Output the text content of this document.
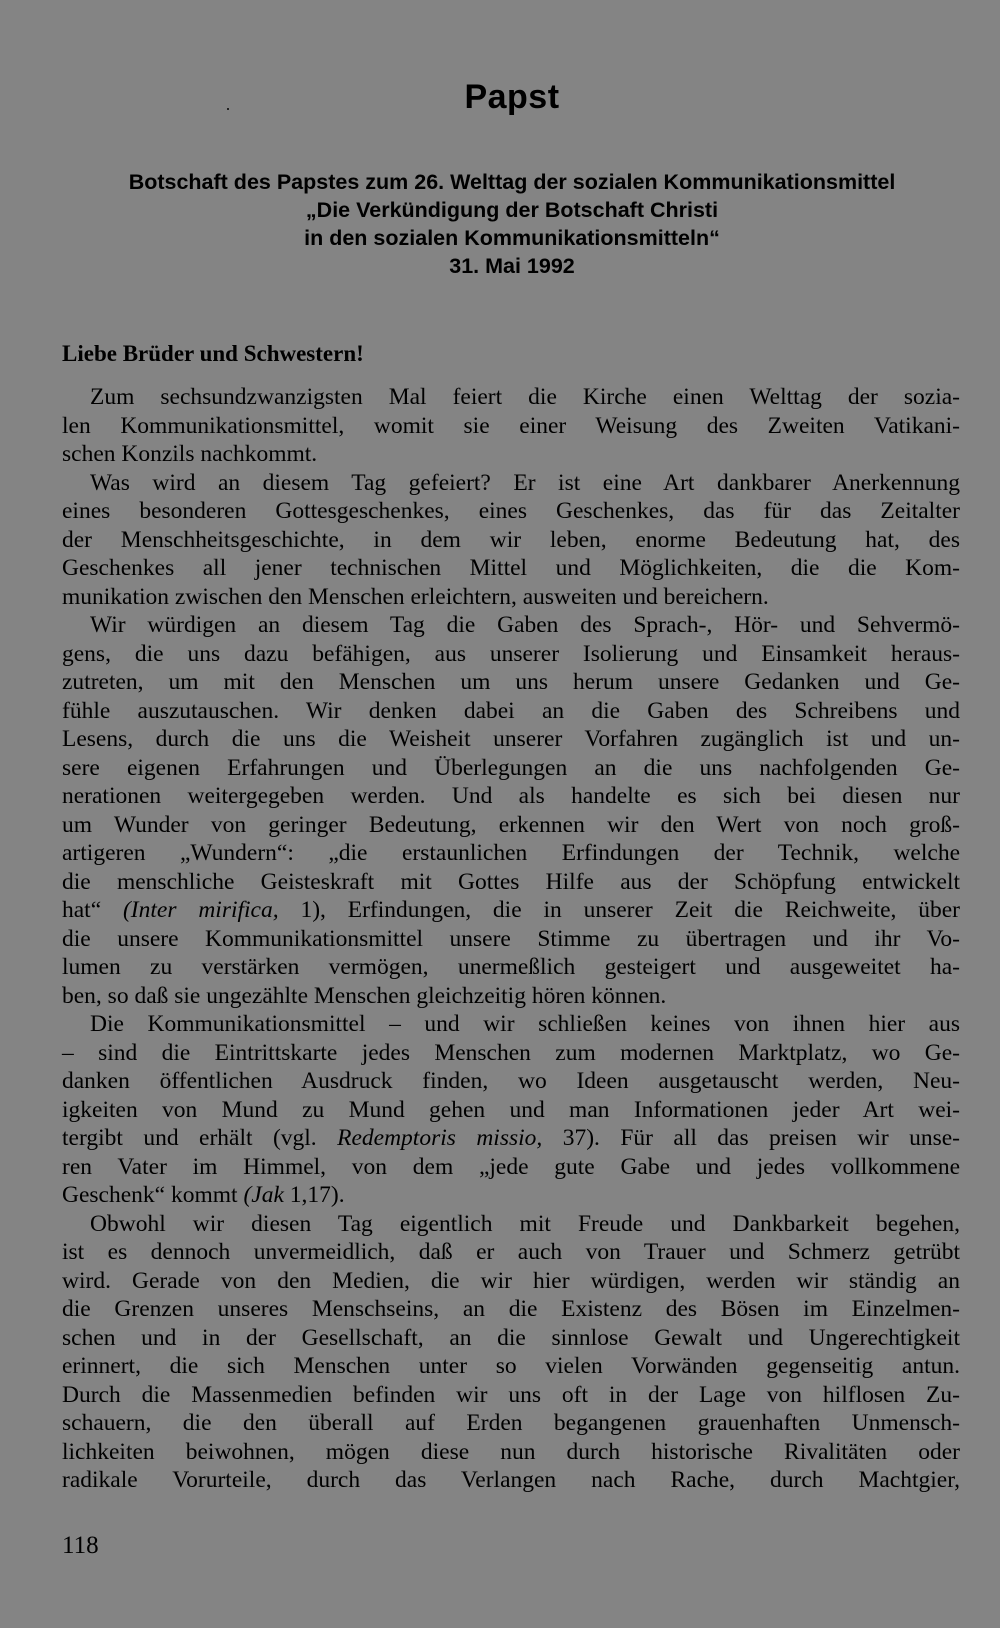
Papst
Botschaft des Papstes zum 26. Welttag der sozialen Kommunikationsmittel
„Die Verkündigung der Botschaft Christi
in den sozialen Kommunikationsmitteln“
31. Mai 1992
Liebe Brüder und Schwestern!
Zum sechsundzwanzigsten Mal feiert die Kirche einen Welttag der sozia-
len Kommunikationsmittel, womit sie einer Weisung des Zweiten Vatikani-
schen Konzils nachkommt.
Was wird an diesem Tag gefeiert? Er ist eine Art dankbarer Anerkennung
eines besonderen Gottesgeschenkes, eines Geschenkes, das für das Zeitalter
der Menschheitsgeschichte, in dem wir leben, enorme Bedeutung hat, des
Geschenkes all jener technischen Mittel und Möglichkeiten, die die Kom-
munikation zwischen den Menschen erleichtern, ausweiten und bereichern.
Wir würdigen an diesem Tag die Gaben des Sprach-, Hör- und Sehvermö-
gens, die uns dazu befähigen, aus unserer Isolierung und Einsamkeit heraus-
zutreten, um mit den Menschen um uns herum unsere Gedanken und Ge-
fühle auszutauschen. Wir denken dabei an die Gaben des Schreibens und
Lesens, durch die uns die Weisheit unserer Vorfahren zugänglich ist und un-
sere eigenen Erfahrungen und Überlegungen an die uns nachfolgenden Ge-
nerationen weitergegeben werden. Und als handelte es sich bei diesen nur
um Wunder von geringer Bedeutung, erkennen wir den Wert von noch groß-
artigeren „Wundern“: „die erstaunlichen Erfindungen der Technik, welche
die menschliche Geisteskraft mit Gottes Hilfe aus der Schöpfung entwickelt
hat“ (Inter mirifica, 1), Erfindungen, die in unserer Zeit die Reichweite, über
die unsere Kommunikationsmittel unsere Stimme zu übertragen und ihr Vo-
lumen zu verstärken vermögen, unermeßlich gesteigert und ausgeweitet ha-
ben, so daß sie ungezählte Menschen gleichzeitig hören können.
Die Kommunikationsmittel – und wir schließen keines von ihnen hier aus
– sind die Eintrittskarte jedes Menschen zum modernen Marktplatz, wo Ge-
danken öffentlichen Ausdruck finden, wo Ideen ausgetauscht werden, Neu-
igkeiten von Mund zu Mund gehen und man Informationen jeder Art wei-
tergibt und erhält (vgl. Redemptoris missio, 37). Für all das preisen wir unse-
ren Vater im Himmel, von dem „jede gute Gabe und jedes vollkommene
Geschenk“ kommt (Jak 1,17).
Obwohl wir diesen Tag eigentlich mit Freude und Dankbarkeit begehen,
ist es dennoch unvermeidlich, daß er auch von Trauer und Schmerz getrübt
wird. Gerade von den Medien, die wir hier würdigen, werden wir ständig an
die Grenzen unseres Menschseins, an die Existenz des Bösen im Einzelmen-
schen und in der Gesellschaft, an die sinnlose Gewalt und Ungerechtigkeit
erinnert, die sich Menschen unter so vielen Vorwänden gegenseitig antun.
Durch die Massenmedien befinden wir uns oft in der Lage von hilflosen Zu-
schauern, die den überall auf Erden begangenen grauenhaften Unmensch-
lichkeiten beiwohnen, mögen diese nun durch historische Rivalitäten oder
radikale Vorurteile, durch das Verlangen nach Rache, durch Machtgier,
118
